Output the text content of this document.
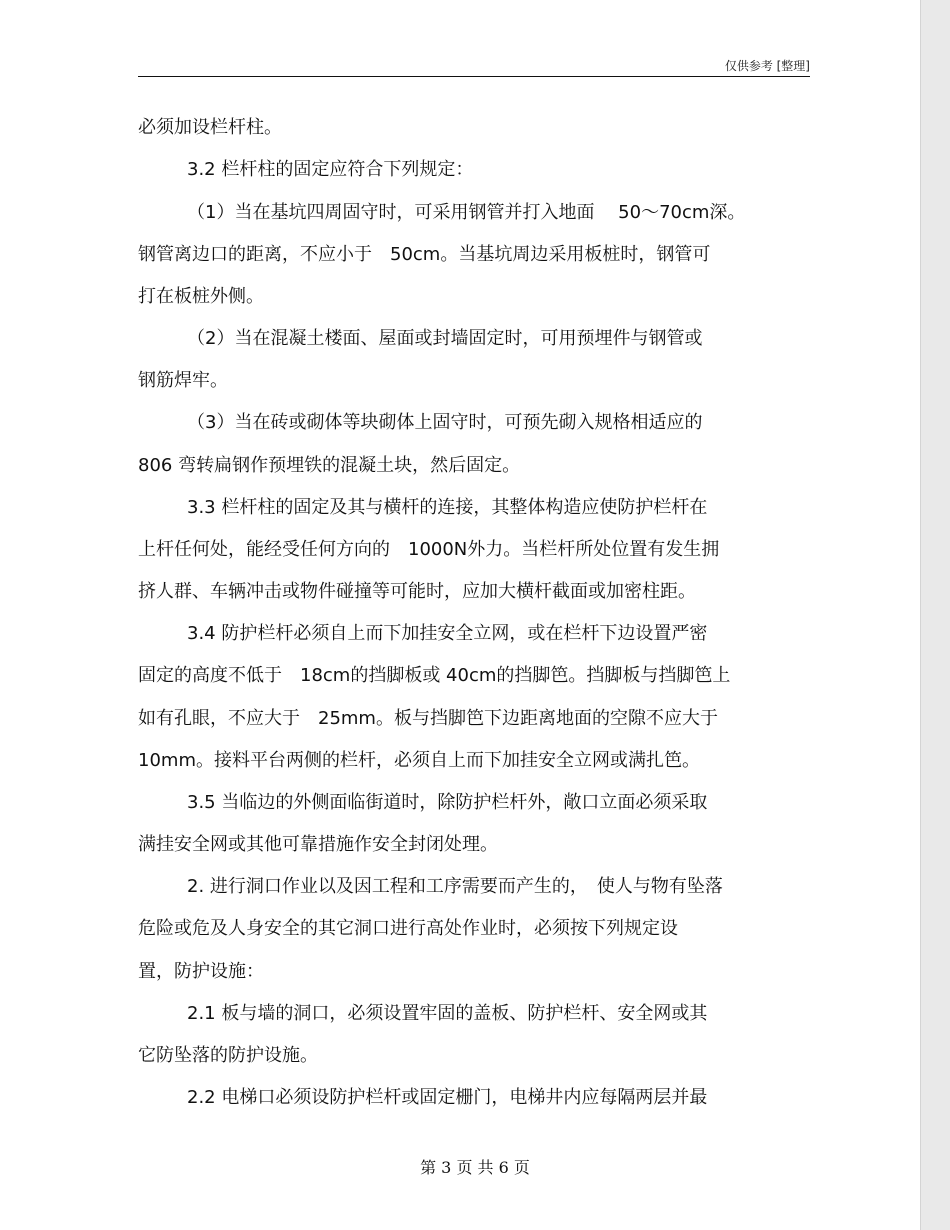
仅供参考 [整理]
必须加设栏杆柱。
3.2 栏杆柱的固定应符合下列规定：
（1）当在基坑四周固守时，可采用钢管并打入地面　 50～70cm深。
钢管离边口的距离，不应小于　50cm。当基坑周边采用板桩时，钢管可
打在板桩外侧。
（2）当在混凝土楼面、屋面或封墙固定时，可用预埋件与钢管或
钢筋焊牢。
（3）当在砖或砌体等块砌体上固守时，可预先砌入规格相适应的
806 弯转扁钢作预埋铁的混凝土块，然后固定。
3.3 栏杆柱的固定及其与横杆的连接，其整体构造应使防护栏杆在
上杆任何处，能经受任何方向的　1000N外力。当栏杆所处位置有发生拥
挤人群、车辆冲击或物件碰撞等可能时，应加大横杆截面或加密柱距。
3.4 防护栏杆必须自上而下加挂安全立网，或在栏杆下边设置严密
固定的高度不低于　18cm的挡脚板或 40cm的挡脚笆。挡脚板与挡脚笆上
如有孔眼，不应大于　25mm。板与挡脚笆下边距离地面的空隙不应大于
10mm。接料平台两侧的栏杆，必须自上而下加挂安全立网或满扎笆。
3.5 当临边的外侧面临街道时，除防护栏杆外，敞口立面必须采取
满挂安全网或其他可靠措施作安全封闭处理。
2. 进行洞口作业以及因工程和工序需要而产生的，　使人与物有坠落
危险或危及人身安全的其它洞口进行高处作业时，必须按下列规定设
置，防护设施：
2.1 板与墙的洞口，必须设置牢固的盖板、防护栏杆、安全网或其
它防坠落的防护设施。
2.2 电梯口必须设防护栏杆或固定栅门，电梯井内应每隔两层并最
第 3 页 共 6 页
